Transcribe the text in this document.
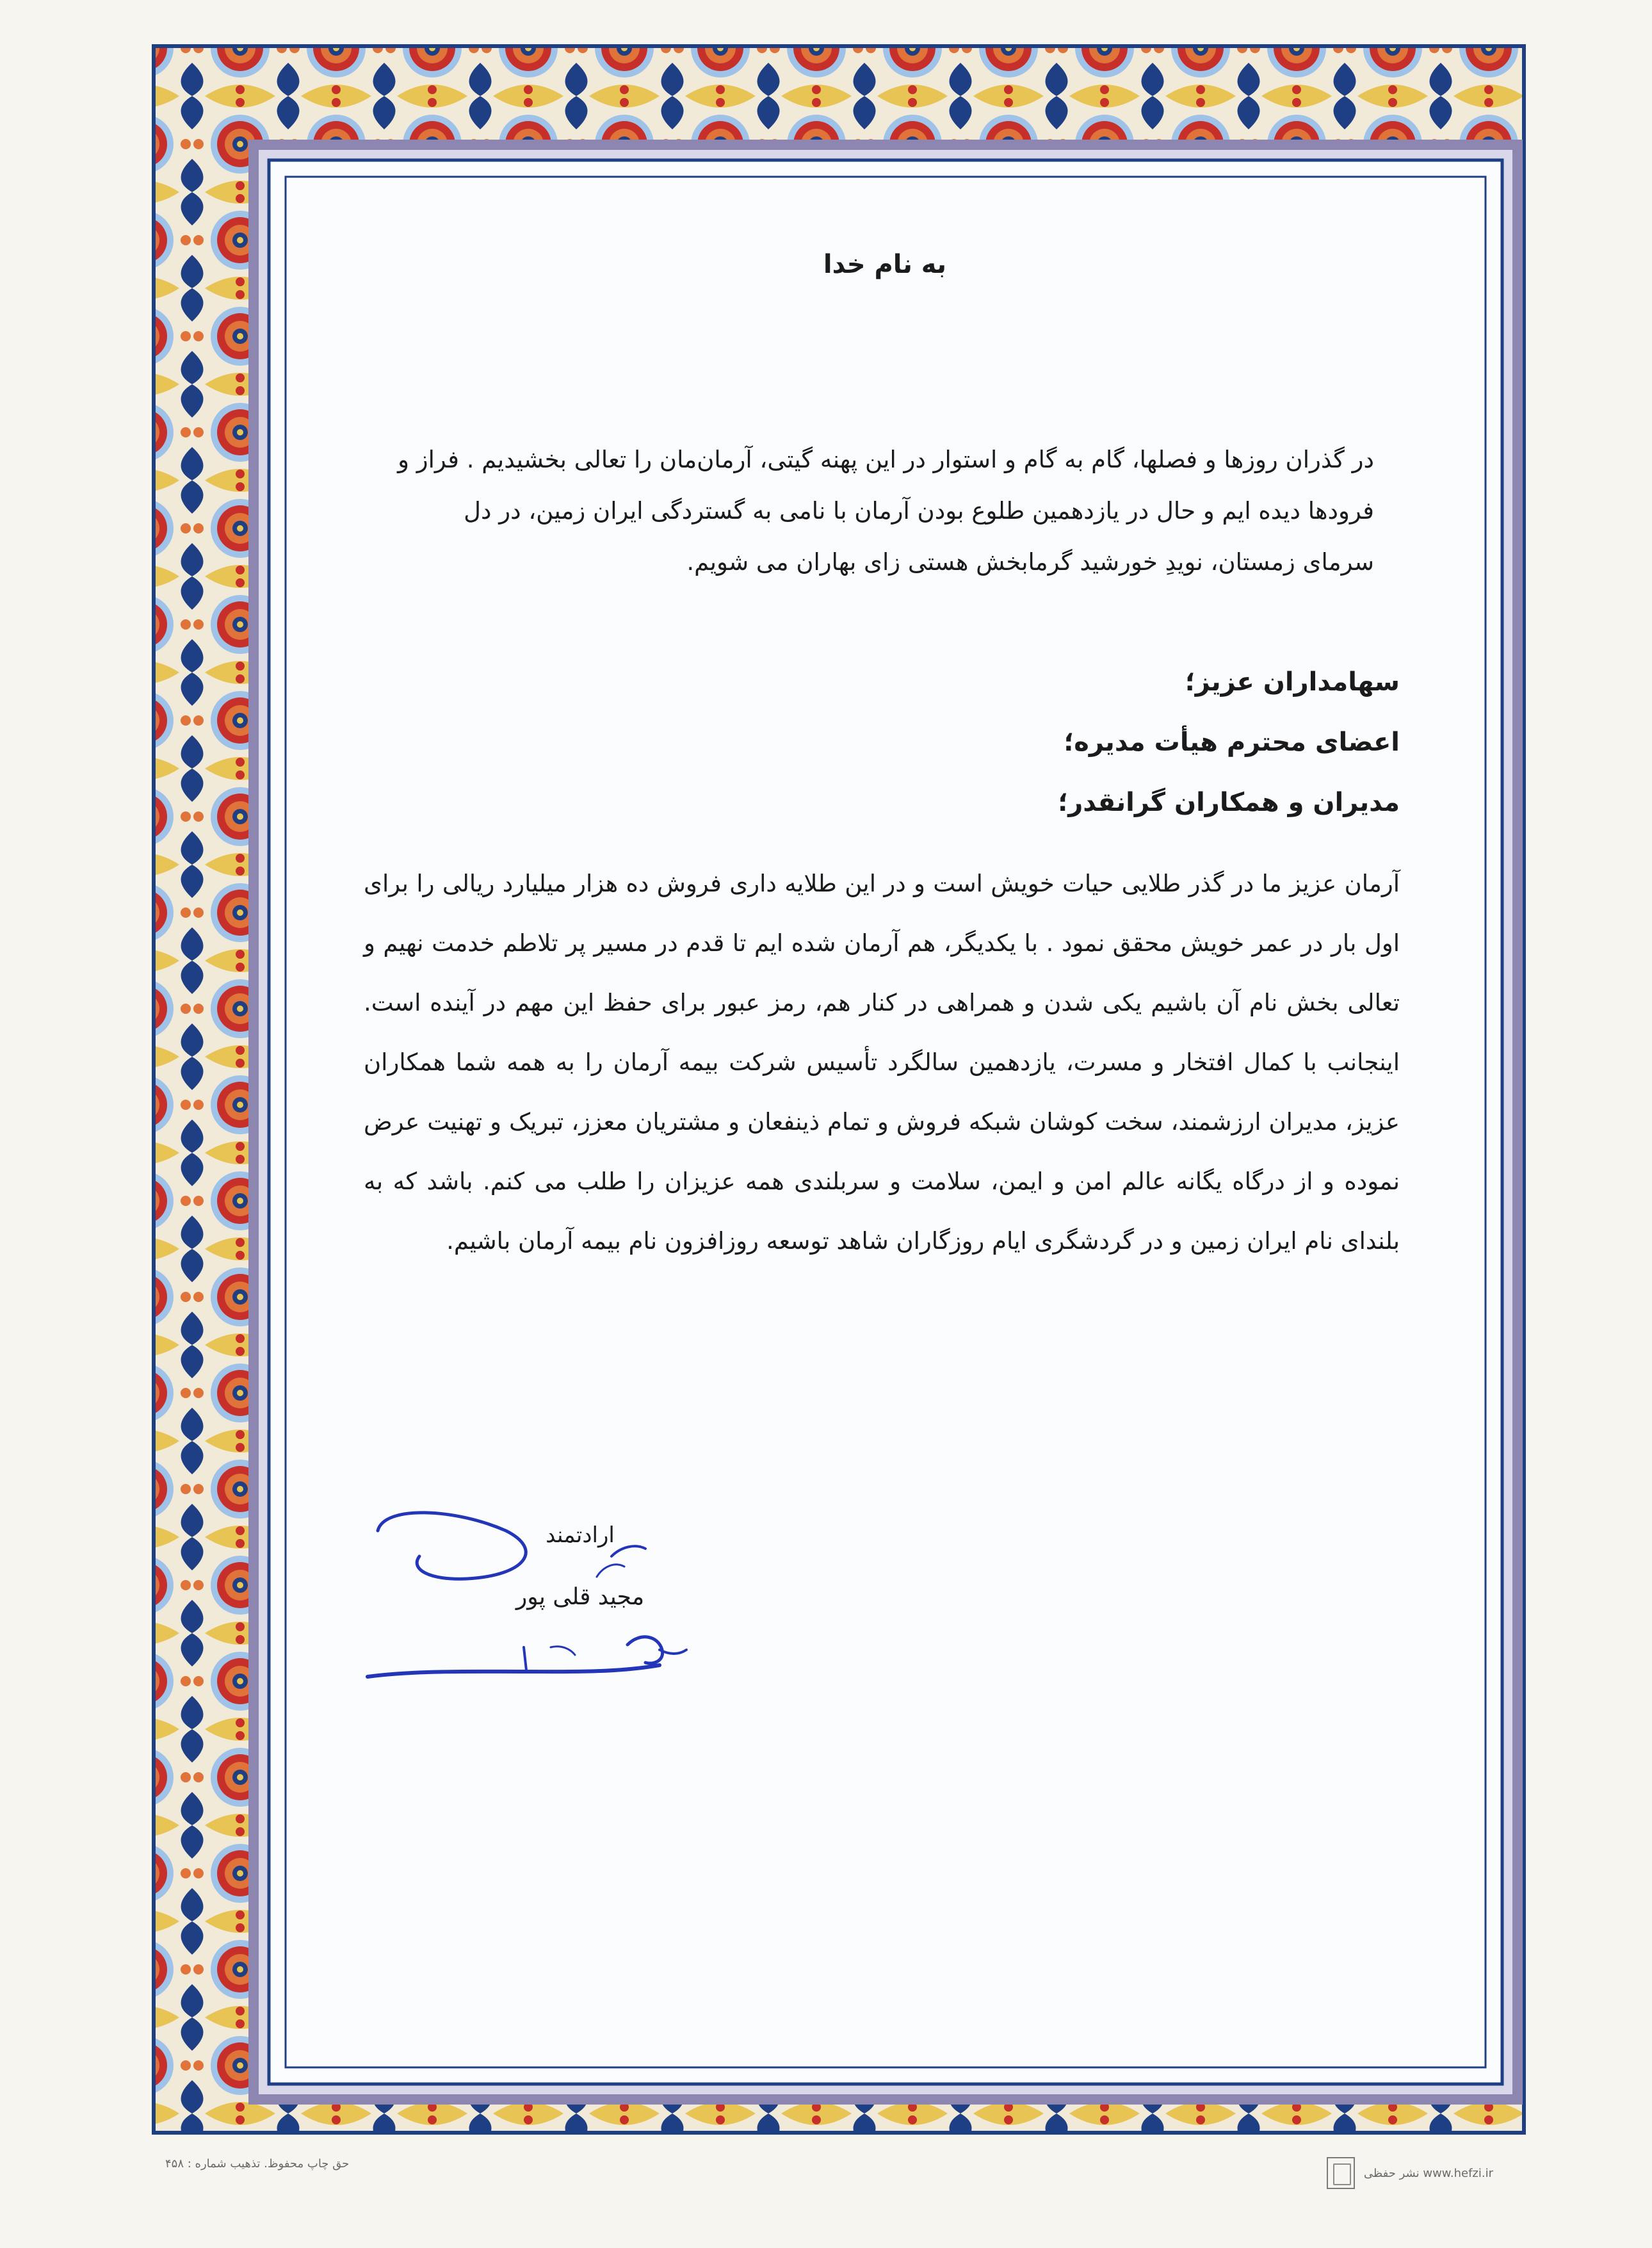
به نام خدا

در گذران روزها و فصلها، گام به گام و استوار در این پهنه گیتی، آرمان‌مان را تعالی بخشیدیم . فراز و فرودها دیده ایم و حال در یازدهمین طلوع بودن آرمان با نامی به گستردگی ایران زمین، در دل سرمای زمستان، نویدِ خورشید گرمابخش هستی زای بهاران می شویم.

سهامداران عزیز؛

اعضای محترم هیأت مدیره؛

مدیران و همکاران گرانقدر؛

آرمان عزیز ما در گذر طلایی حیات خویش است و در این طلایه داری فروش ده هزار میلیارد ریالی را برای اول بار در عمر خویش محقق نمود . با یکدیگر، هم آرمان شده ایم تا قدم در مسیر پر تلاطم خدمت نهیم و تعالی بخش نام آن باشیم یکی شدن و همراهی در کنار هم، رمز عبور برای حفظ این مهم در آینده است. اینجانب با کمال افتخار و مسرت، یازدهمین سالگرد تأسیس شرکت بیمه آرمان را به همه شما همکاران عزیز، مدیران ارزشمند، سخت کوشان شبکه فروش و تمام ذینفعان و مشتریان معزز، تبریک و تهنیت عرض نموده و از درگاه یگانه عالم امن و ایمن، سلامت و سربلندی همه عزیزان را طلب می کنم. باشد که به بلندای نام ایران زمین و در گردشگری ایام روزگاران شاهد توسعه روزافزون نام بیمه آرمان باشیم.

ارادتمند
مجید قلی پور
حق چاپ محفوظ. تذهیب شماره : ۴۵۸
www.hefzi.ir نشر حفظی
